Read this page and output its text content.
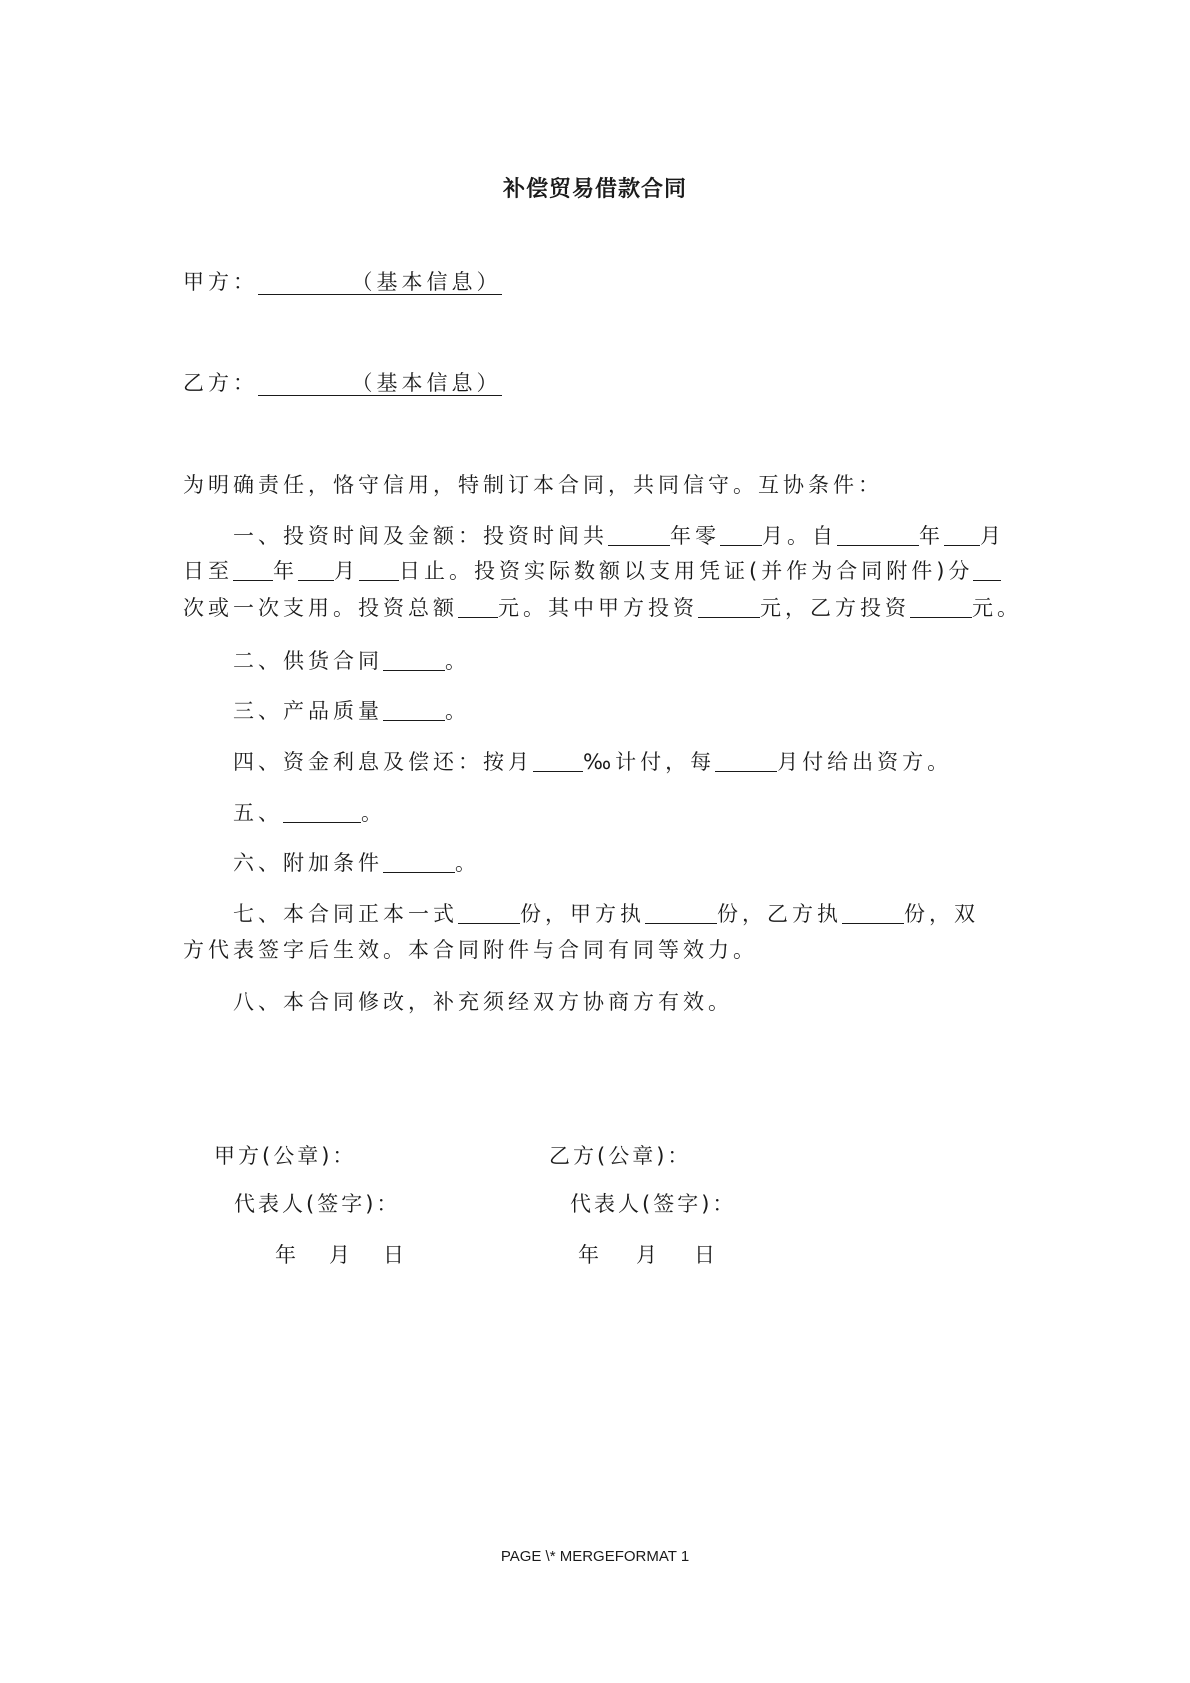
补偿贸易借款合同
甲方：	（基本信息）
乙方：	（基本信息）
为明确责任，恪守信用，特制订本合同，共同信守。互协条件：
一、投资时间及金额：投资时间共	年零 月。自	年 月
日至 年 月 日止。投资实际数额以支用凭证(并作为合同附件)分
次或一次支用。投资总额 元。其中甲方投资	元，乙方投资	元。
二、供货合同	。
三、产品质量	。
四、资金利息及偿还：按月 ‰计付，每	月付给出资方。
五、	。
六、附加条件	。
七、本合同正本一式	份，甲方执	份，乙方执	份，双
方代表签字后生效。本合同附件与合同有同等效力。
八、本合同修改，补充须经双方协商方有效。
甲方(公章)：	乙方(公章)：
代表人(签字)：	代表人(签字)：
年　月　日	年　月　日
PAGE \* MERGEFORMAT 1
